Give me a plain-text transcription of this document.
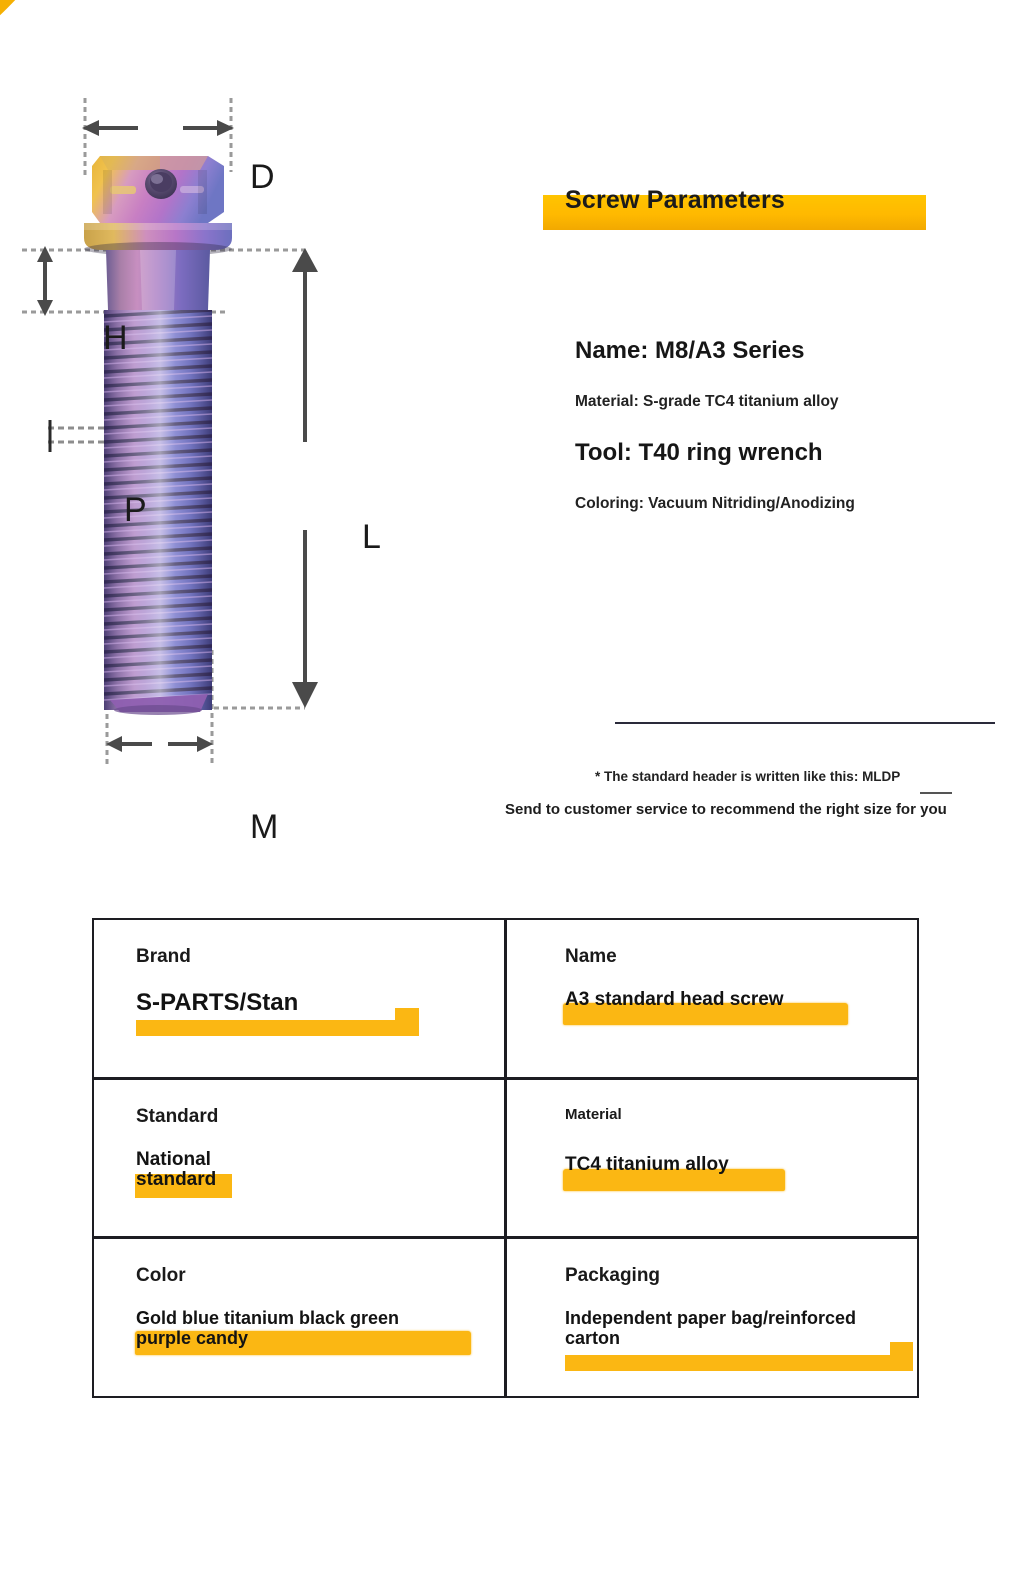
D
H
P
L
M
Screw Parameters
Name: M8/A3 Series
Material: S-grade TC4 titanium alloy
Tool: T40 ring wrench
Coloring: Vacuum Nitriding/Anodizing
* The standard header is written like this: MLDP
Send to customer service to recommend the right size for you
Brand
S-PARTS/Stan
Name
A3 standard head screw
Standard
National standard
Material
TC4 titanium alloy
Color
Gold blue titanium black green purple candy
Packaging
Independent paper bag/reinforced carton
